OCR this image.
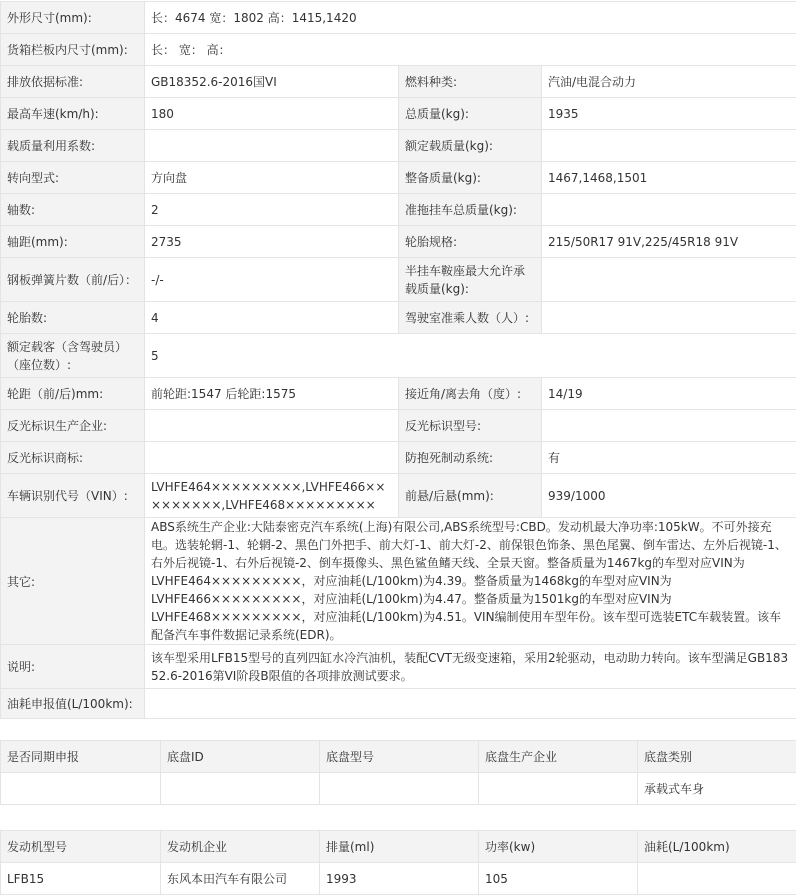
外形尺寸(mm):	长：4674 宽：1802 高：1415,1420		
货箱栏板内尺寸(mm):	长： 宽： 高：		
排放依据标准:	GB18352.6-2016国VI	燃料种类:	汽油/电混合动力
最高车速(km/h):	180	总质量(kg):	1935
载质量利用系数:		额定载质量(kg):	
转向型式:	方向盘	整备质量(kg):	1467,1468,1501
轴数:	2	准拖挂车总质量(kg):	
轴距(mm):	2735	轮胎规格:	215/50R17 91V,225/45R18 91V
钢板弹簧片数（前/后）：	-/-	半挂车鞍座最大允许承载质量(kg):	
轮胎数:	4	驾驶室准乘人数（人）:	
额定载客（含驾驶员）（座位数）:	5		
轮距（前/后)mm:	前轮距:1547 后轮距:1575	接近角/离去角（度）:	14/19
反光标识生产企业:		反光标识型号:	
反光标识商标:		防抱死制动系统:	有
车辆识别代号（VIN）:	LVHFE464×××××××××,LVHFE466×××××××××,LVHFE468×××××××××	前悬/后悬(mm):	939/1000
其它:	ABS系统生产企业:大陆泰密克汽车系统(上海)有限公司,ABS系统型号:CBD。发动机最大净功率:105kW。不可外接充电。选装轮辋-1、轮辋-2、黑色门外把手、前大灯-1、前大灯-2、前保银色饰条、黑色尾翼、倒车雷达、左外后视镜-1、右外后视镜-1、右外后视镜-2、倒车摄像头、黑色鲨鱼鳍天线、全景天窗。整备质量为1467kg的车型对应VIN为LVHFE464×××××××××，对应油耗(L/100km)为4.39。整备质量为1468kg的车型对应VIN为LVHFE466×××××××××，对应油耗(L/100km)为4.47。整备质量为1501kg的车型对应VIN为LVHFE468×××××××××，对应油耗(L/100km)为4.51。VIN编制使用车型年份。该车型可选装ETC车载装置。该车配备汽车事件数据记录系统(EDR)。		
说明:	该车型采用LFB15型号的直列四缸水冷汽油机，装配CVT无级变速箱，采用2轮驱动，电动助力转向。该车型满足GB18352.6-2016第VI阶段B限值的各项排放测试要求。		
油耗申报值(L/100km):			
是否同期申报	底盘ID	底盘型号	底盘生产企业	底盘类别
				承载式车身
发动机型号	发动机企业	排量(ml)	功率(kw)	油耗(L/100km)
LFB15	东风本田汽车有限公司	1993	105	
